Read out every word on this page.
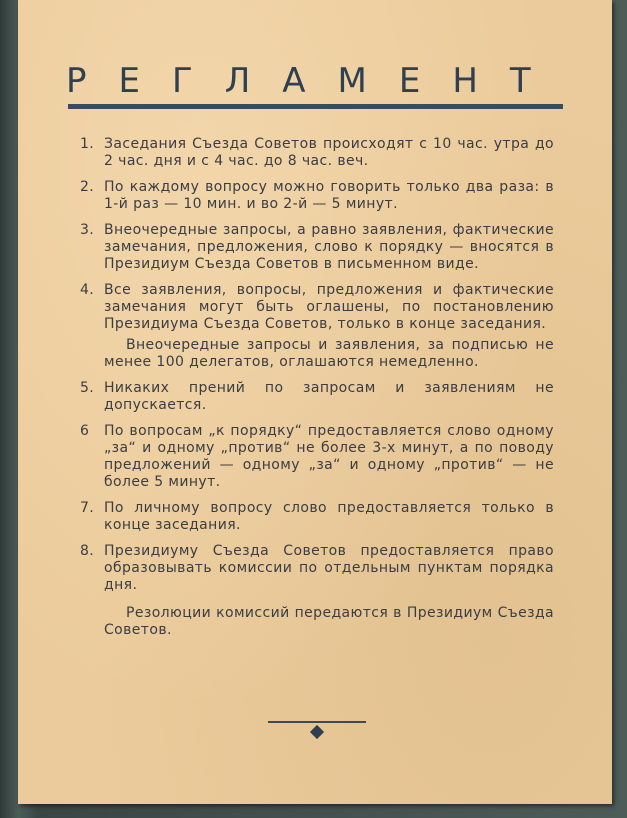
РЕГЛАМЕНТ
1. Заседания Съезда Советов происходят с 10 час. утра до 2 час. дня и с 4 час. до 8 час. веч.
2. По каждому вопросу можно говорить только два раза: в 1-й раз — 10 мин. и во 2-й — 5 минут.
3. Внеочередные запросы, а равно заявления, фактические замечания, предложения, слово к порядку — вносятся в Президиум Съезда Советов в письменном виде.
4. Все заявления, вопросы, предложения и фактические замечания могут быть оглашены, по постановлению Президиума Съезда Советов, только в конце заседания.
Внеочередные запросы и заявления, за подписью не менее 100 делегатов, оглашаются немедленно.
5. Никаких прений по запросам и заявлениям не допускается.
6 По вопросам „к порядку“ предоставляется слово одному „за“ и одному „против“ не более 3-х минут, а по поводу предложений — одному „за“ и одному „против“ — не более 5 минут.
7. По личному вопросу слово предоставляется только в конце заседания.
8. Президиуму Съезда Советов предоставляется право образовывать комиссии по отдельным пунктам порядка дня.
Резолюции комиссий передаются в Президиум Съезда Советов.
